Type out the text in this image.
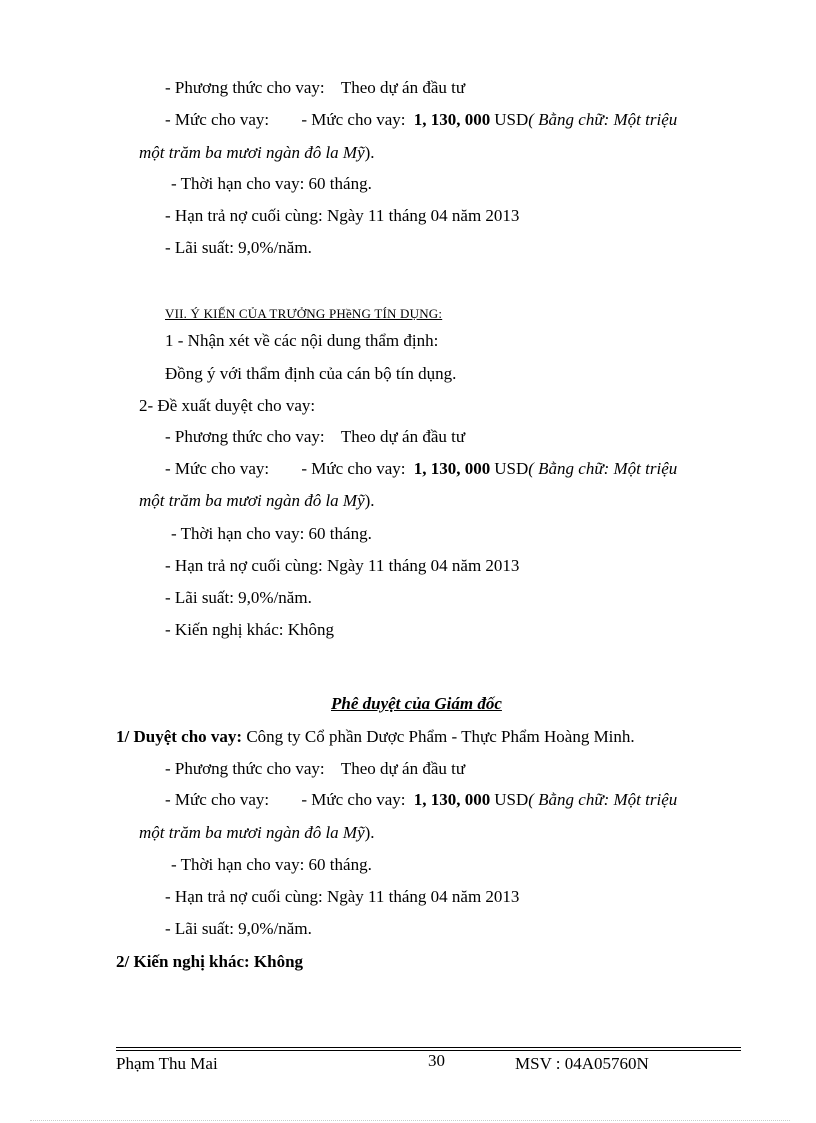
- Phương thức cho vay: Theo dự án đầu tư
- Mức cho vay: - Mức cho vay: 1, 130, 000 USD( Bằng chữ: Một triệu
một trăm ba mươi ngàn đô la Mỹ).
- Thời hạn cho vay: 60 tháng.
- Hạn trả nợ cuối cùng: Ngày 11 tháng 04 năm 2013
- Lãi suất: 9,0%/năm.
VII. Ý KIẾN CỦA TRƯỞNG PHềNG TÍN DỤNG:
1 - Nhận xét về các nội dung thẩm định:
Đồng ý với thẩm định của cán bộ tín dụng.
2- Đề xuất duyệt cho vay:
- Phương thức cho vay: Theo dự án đầu tư
- Mức cho vay: - Mức cho vay: 1, 130, 000 USD( Bằng chữ: Một triệu
một trăm ba mươi ngàn đô la Mỹ).
- Thời hạn cho vay: 60 tháng.
- Hạn trả nợ cuối cùng: Ngày 11 tháng 04 năm 2013
- Lãi suất: 9,0%/năm.
- Kiến nghị khác: Không
Phê duyệt của Giám đốc
1/ Duyệt cho vay: Công ty Cổ phần Dược Phẩm - Thực Phẩm Hoàng Minh.
- Phương thức cho vay: Theo dự án đầu tư
- Mức cho vay: - Mức cho vay: 1, 130, 000 USD( Bằng chữ: Một triệu
một trăm ba mươi ngàn đô la Mỹ).
- Thời hạn cho vay: 60 tháng.
- Hạn trả nợ cuối cùng: Ngày 11 tháng 04 năm 2013
- Lãi suất: 9,0%/năm.
2/ Kiến nghị khác: Không
Phạm Thu Mai	30	MSV : 04A05760N
